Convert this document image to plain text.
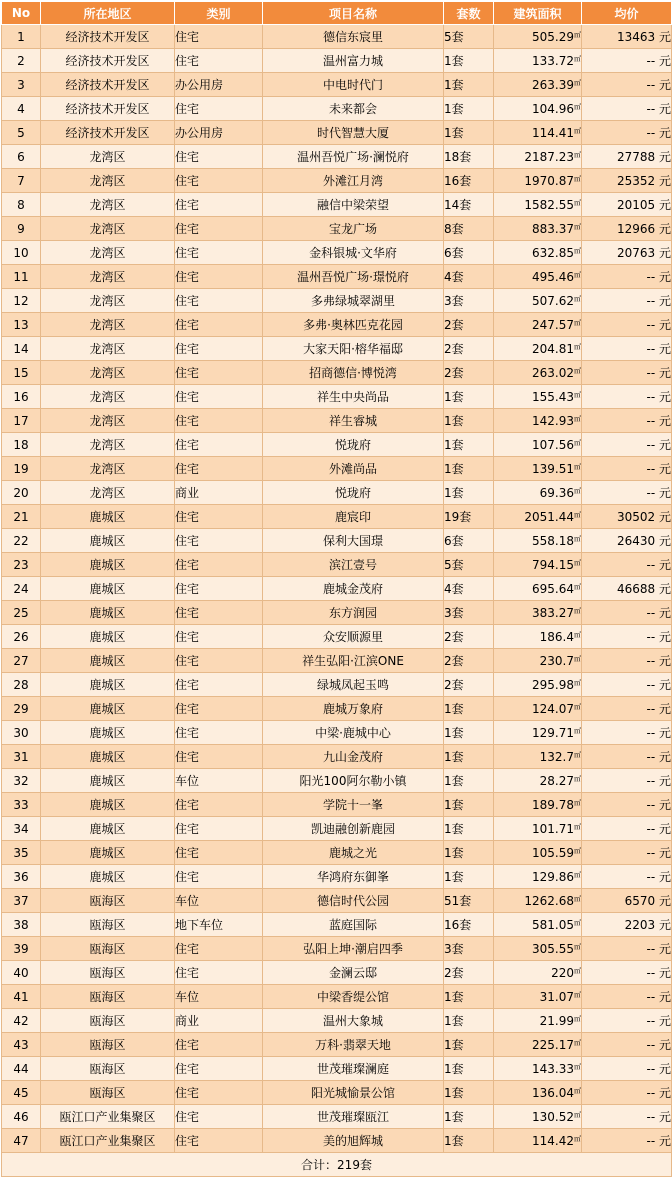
No	所在地区	类别	项目名称	套数	建筑面积	均价
1	经济技术开发区	住宅	德信东宸里	5套	505.29㎡	13463 元
2	经济技术开发区	住宅	温州富力城	1套	133.72㎡	-- 元
3	经济技术开发区	办公用房	中电时代门	1套	263.39㎡	-- 元
4	经济技术开发区	住宅	未来都会	1套	104.96㎡	-- 元
5	经济技术开发区	办公用房	时代智慧大厦	1套	114.41㎡	-- 元
6	龙湾区	住宅	温州吾悦广场·澜悦府	18套	2187.23㎡	27788 元
7	龙湾区	住宅	外滩江月湾	16套	1970.87㎡	25352 元
8	龙湾区	住宅	融信中梁荣望	14套	1582.55㎡	20105 元
9	龙湾区	住宅	宝龙广场	8套	883.37㎡	12966 元
10	龙湾区	住宅	金科银城·文华府	6套	632.85㎡	20763 元
11	龙湾区	住宅	温州吾悦广场·璟悦府	4套	495.46㎡	-- 元
12	龙湾区	住宅	多弗绿城翠湖里	3套	507.62㎡	-- 元
13	龙湾区	住宅	多弗·奥林匹克花园	2套	247.57㎡	-- 元
14	龙湾区	住宅	大家天阳·榕华福邸	2套	204.81㎡	-- 元
15	龙湾区	住宅	招商德信·博悦湾	2套	263.02㎡	-- 元
16	龙湾区	住宅	祥生中央尚品	1套	155.43㎡	-- 元
17	龙湾区	住宅	祥生睿城	1套	142.93㎡	-- 元
18	龙湾区	住宅	悦珑府	1套	107.56㎡	-- 元
19	龙湾区	住宅	外滩尚品	1套	139.51㎡	-- 元
20	龙湾区	商业	悦珑府	1套	69.36㎡	-- 元
21	鹿城区	住宅	鹿宸印	19套	2051.44㎡	30502 元
22	鹿城区	住宅	保利大国璟	6套	558.18㎡	26430 元
23	鹿城区	住宅	滨江壹号	5套	794.15㎡	-- 元
24	鹿城区	住宅	鹿城金茂府	4套	695.64㎡	46688 元
25	鹿城区	住宅	东方润园	3套	383.27㎡	-- 元
26	鹿城区	住宅	众安顺源里	2套	186.4㎡	-- 元
27	鹿城区	住宅	祥生弘阳·江滨ONE	2套	230.7㎡	-- 元
28	鹿城区	住宅	绿城凤起玉鸣	2套	295.98㎡	-- 元
29	鹿城区	住宅	鹿城万象府	1套	124.07㎡	-- 元
30	鹿城区	住宅	中梁·鹿城中心	1套	129.71㎡	-- 元
31	鹿城区	住宅	九山金茂府	1套	132.7㎡	-- 元
32	鹿城区	车位	阳光100阿尔勒小镇	1套	28.27㎡	-- 元
33	鹿城区	住宅	学院十一峯	1套	189.78㎡	-- 元
34	鹿城区	住宅	凯迪融创新鹿园	1套	101.71㎡	-- 元
35	鹿城区	住宅	鹿城之光	1套	105.59㎡	-- 元
36	鹿城区	住宅	华鸿府东御峯	1套	129.86㎡	-- 元
37	瓯海区	车位	德信时代公园	51套	1262.68㎡	6570 元
38	瓯海区	地下车位	蓝庭国际	16套	581.05㎡	2203 元
39	瓯海区	住宅	弘阳上坤·潮启四季	3套	305.55㎡	-- 元
40	瓯海区	住宅	金澜云邸	2套	220㎡	-- 元
41	瓯海区	车位	中梁香缇公馆	1套	31.07㎡	-- 元
42	瓯海区	商业	温州大象城	1套	21.99㎡	-- 元
43	瓯海区	住宅	万科·翡翠天地	1套	225.17㎡	-- 元
44	瓯海区	住宅	世茂璀璨澜庭	1套	143.33㎡	-- 元
45	瓯海区	住宅	阳光城愉景公馆	1套	136.04㎡	-- 元
46	瓯江口产业集聚区	住宅	世茂璀璨瓯江	1套	130.52㎡	-- 元
47	瓯江口产业集聚区	住宅	美的旭辉城	1套	114.42㎡	-- 元
合计：219套						
